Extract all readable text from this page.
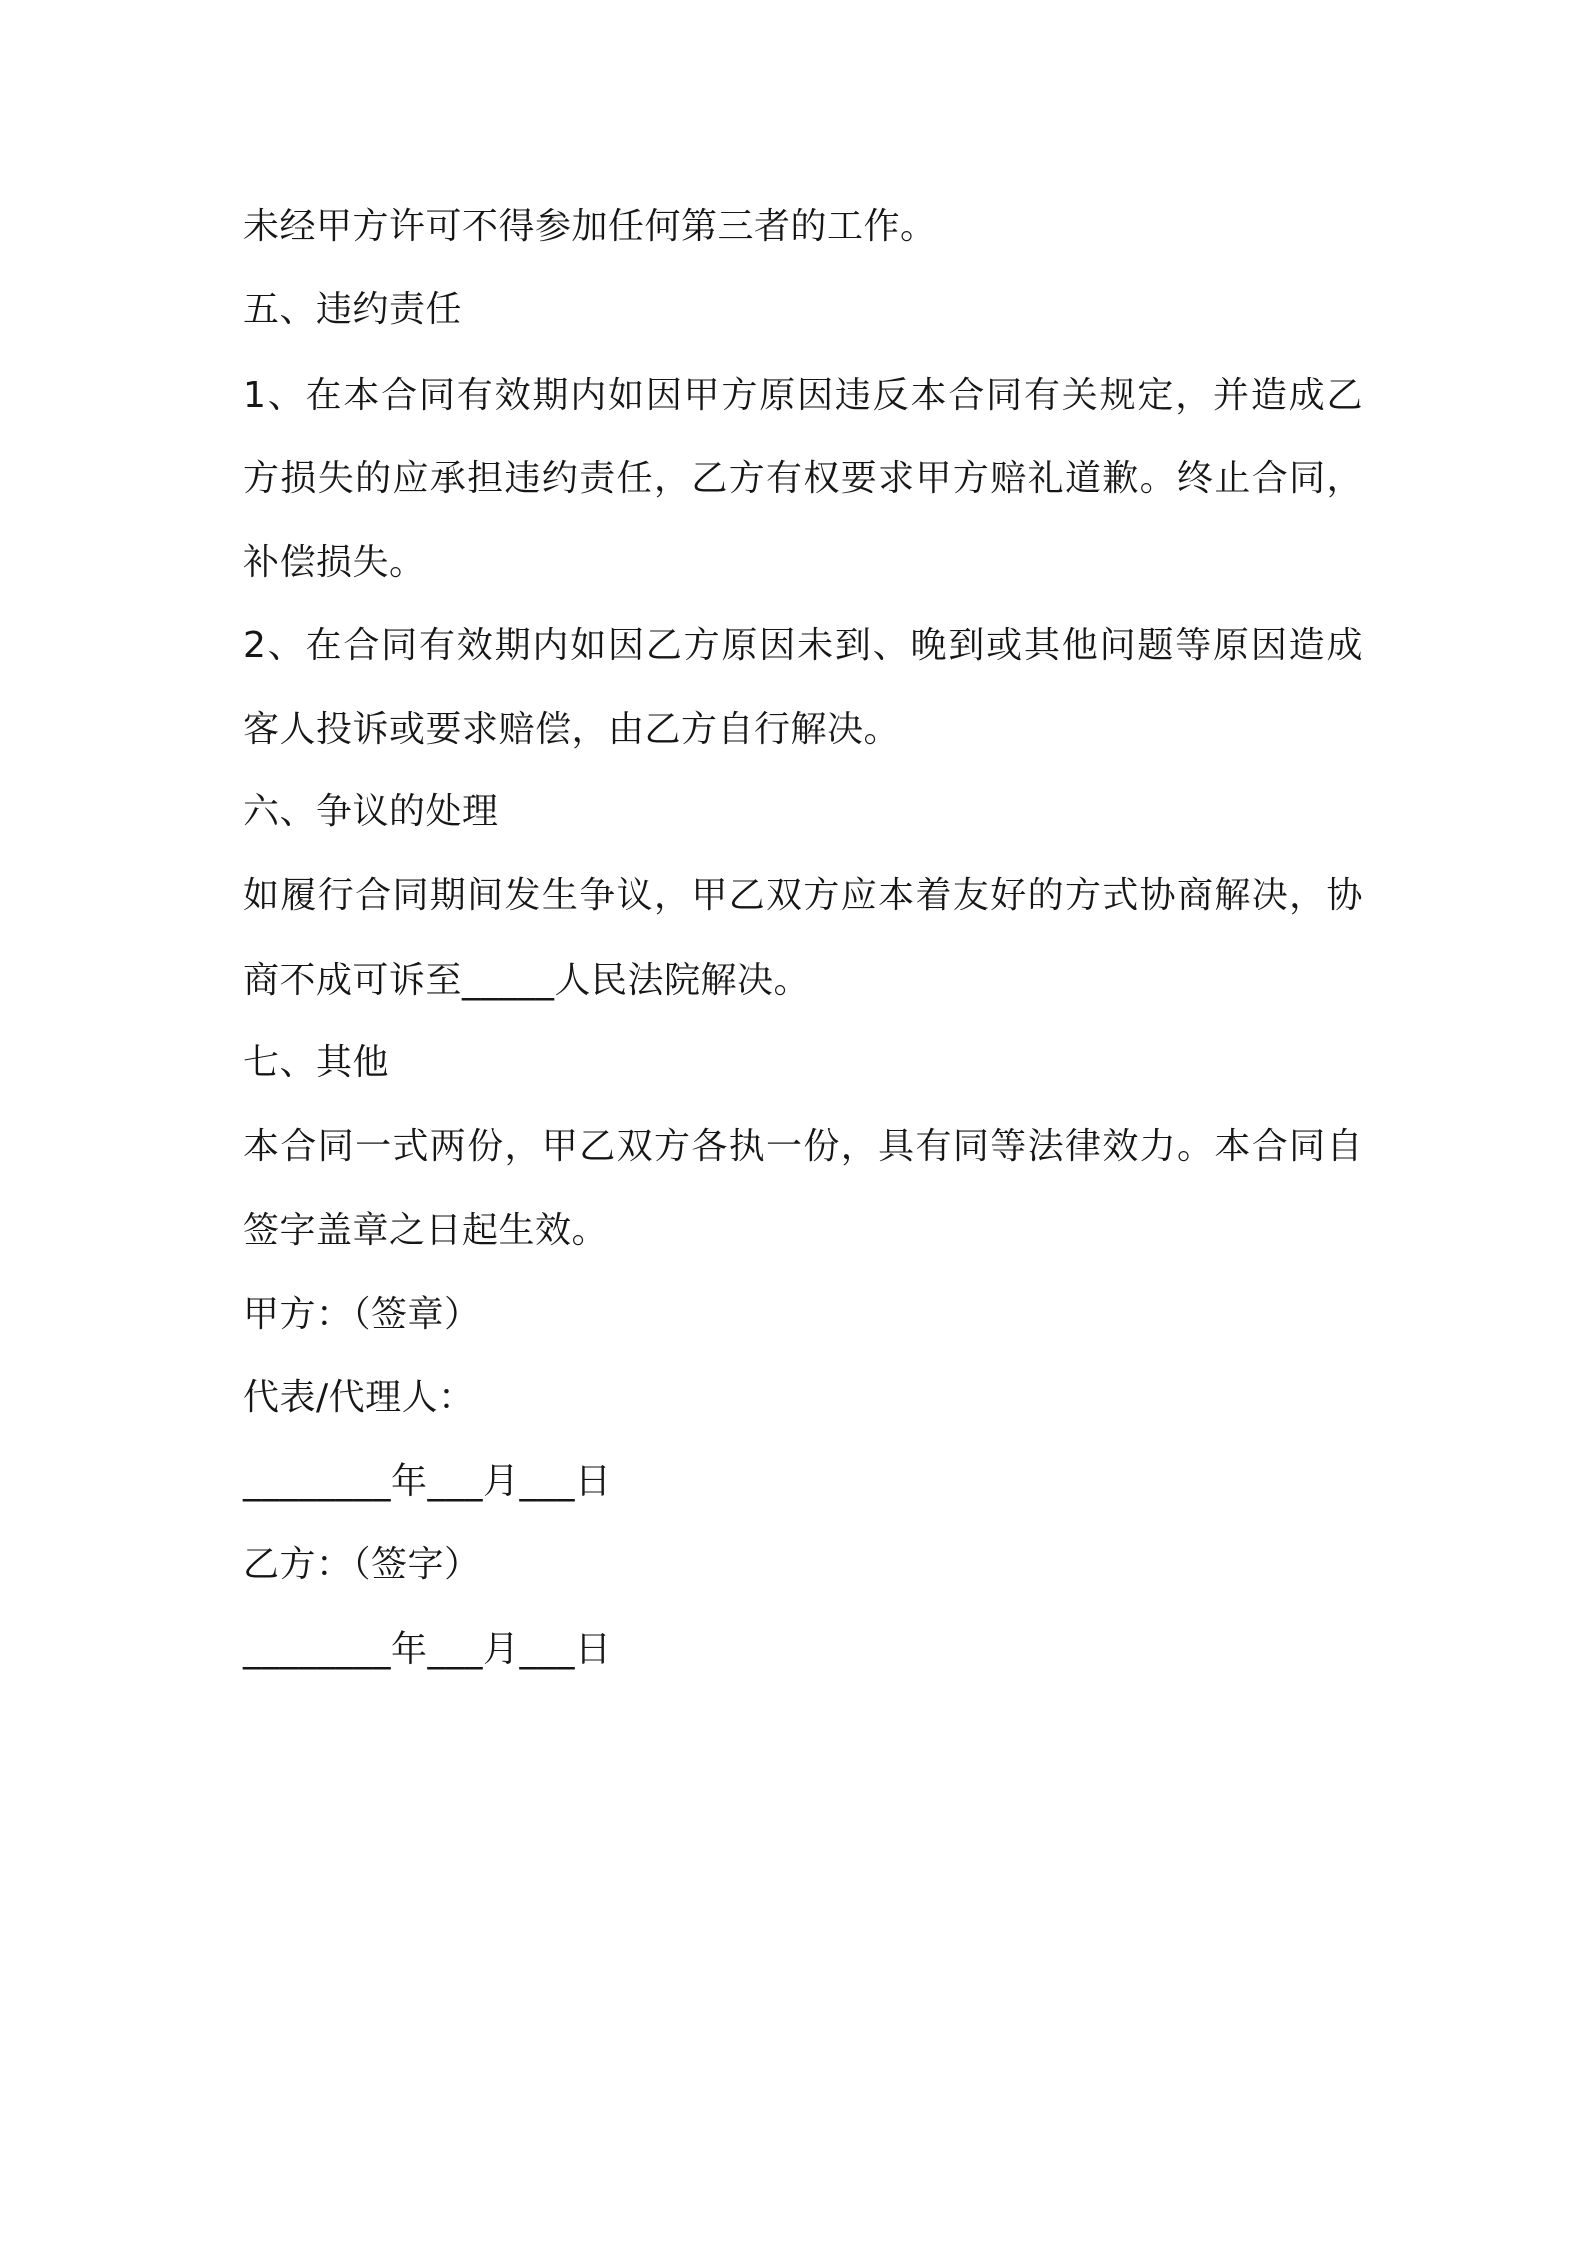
未经甲方许可不得参加任何第三者的工作。
五、违约责任
1、在本合同有效期内如因甲方原因违反本合同有关规定，并造成乙
方损失的应承担违约责任，乙方有权要求甲方赔礼道歉。终止合同，
补偿损失。
2、在合同有效期内如因乙方原因未到、晚到或其他问题等原因造成
客人投诉或要求赔偿，由乙方自行解决。
六、争议的处理
如履行合同期间发生争议，甲乙双方应本着友好的方式协商解决，协
商不成可诉至_____人民法院解决。
七、其他
本合同一式两份，甲乙双方各执一份，具有同等法律效力。本合同自
签字盖章之日起生效。
甲方：（签章）
代表/代理人：
________年___月___日
乙方：（签字）
________年___月___日
